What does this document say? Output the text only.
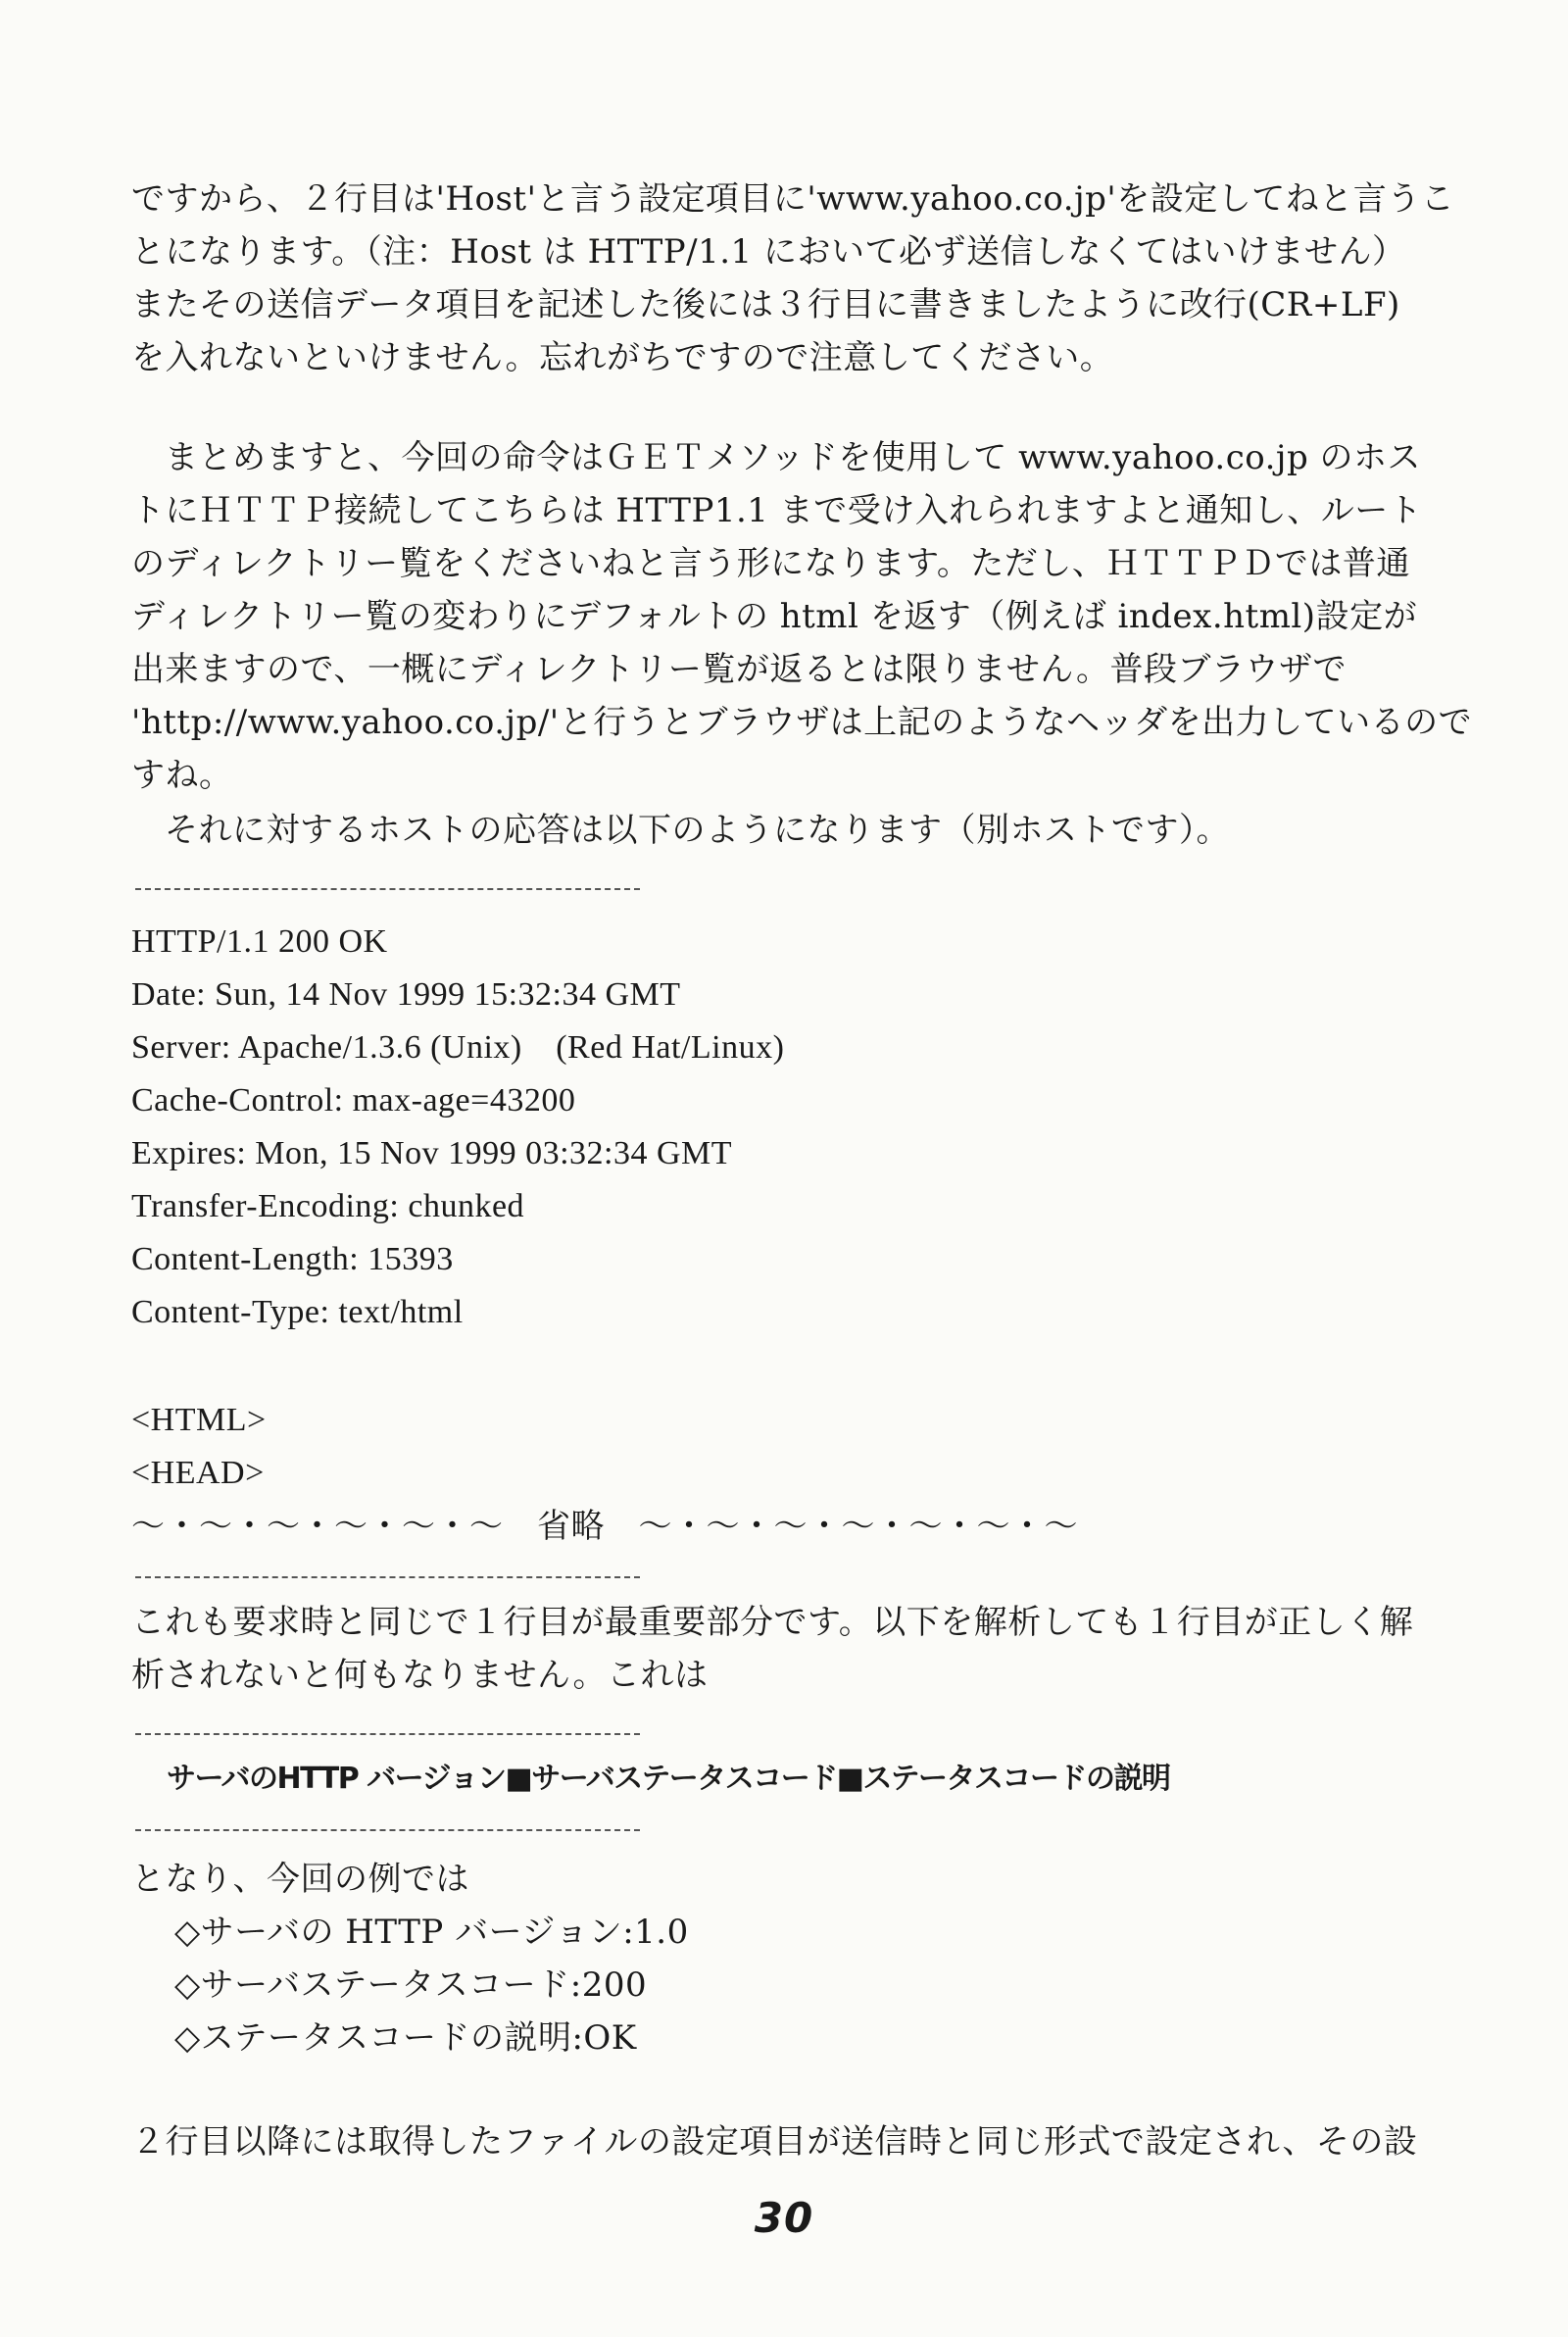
ですから、２行目は'Host'と言う設定項目に'www.yahoo.co.jp'を設定してねと言うこ
とになります。（注：Host は HTTP/1.1 において必ず送信しなくてはいけません）
またその送信データ項目を記述した後には３行目に書きましたように改行(CR+LF)
を入れないといけません。忘れがちですので注意してください。
まとめますと、今回の命令はＧＥＴメソッドを使用して www.yahoo.co.jp のホス
トにＨＴＴＰ接続してこちらは HTTP1.1 まで受け入れられますよと通知し、ルート
のディレクトリー覧をくださいねと言う形になります。ただし、ＨＴＴＰＤでは普通
ディレクトリー覧の変わりにデフォルトの html を返す（例えば index.html)設定が
出来ますので、一概にディレクトリー覧が返るとは限りません。普段ブラウザで
'http://www.yahoo.co.jp/'と行うとブラウザは上記のようなヘッダを出力しているので
すね。
それに対するホストの応答は以下のようになります（別ホストです）。
HTTP/1.1 200 OK
Date: Sun, 14 Nov 1999 15:32:34 GMT
Server: Apache/1.3.6 (Unix)　(Red Hat/Linux)
Cache-Control: max-age=43200
Expires: Mon, 15 Nov 1999 03:32:34 GMT
Transfer-Encoding: chunked
Content-Length: 15393
Content-Type: text/html
<HTML>
<HEAD>
～・～・～・～・～・～　省略　～・～・～・～・～・～・～
これも要求時と同じで１行目が最重要部分です。以下を解析しても１行目が正しく解
析されないと何もなりません。これは
サーバのHTTP バージョン■サーバステータスコード■ステータスコードの説明
となり、今回の例では
◇サーバの HTTP バージョン:1.0
◇サーバステータスコード:200
◇ステータスコードの説明:OK
２行目以降には取得したファイルの設定項目が送信時と同じ形式で設定され、その設
30
